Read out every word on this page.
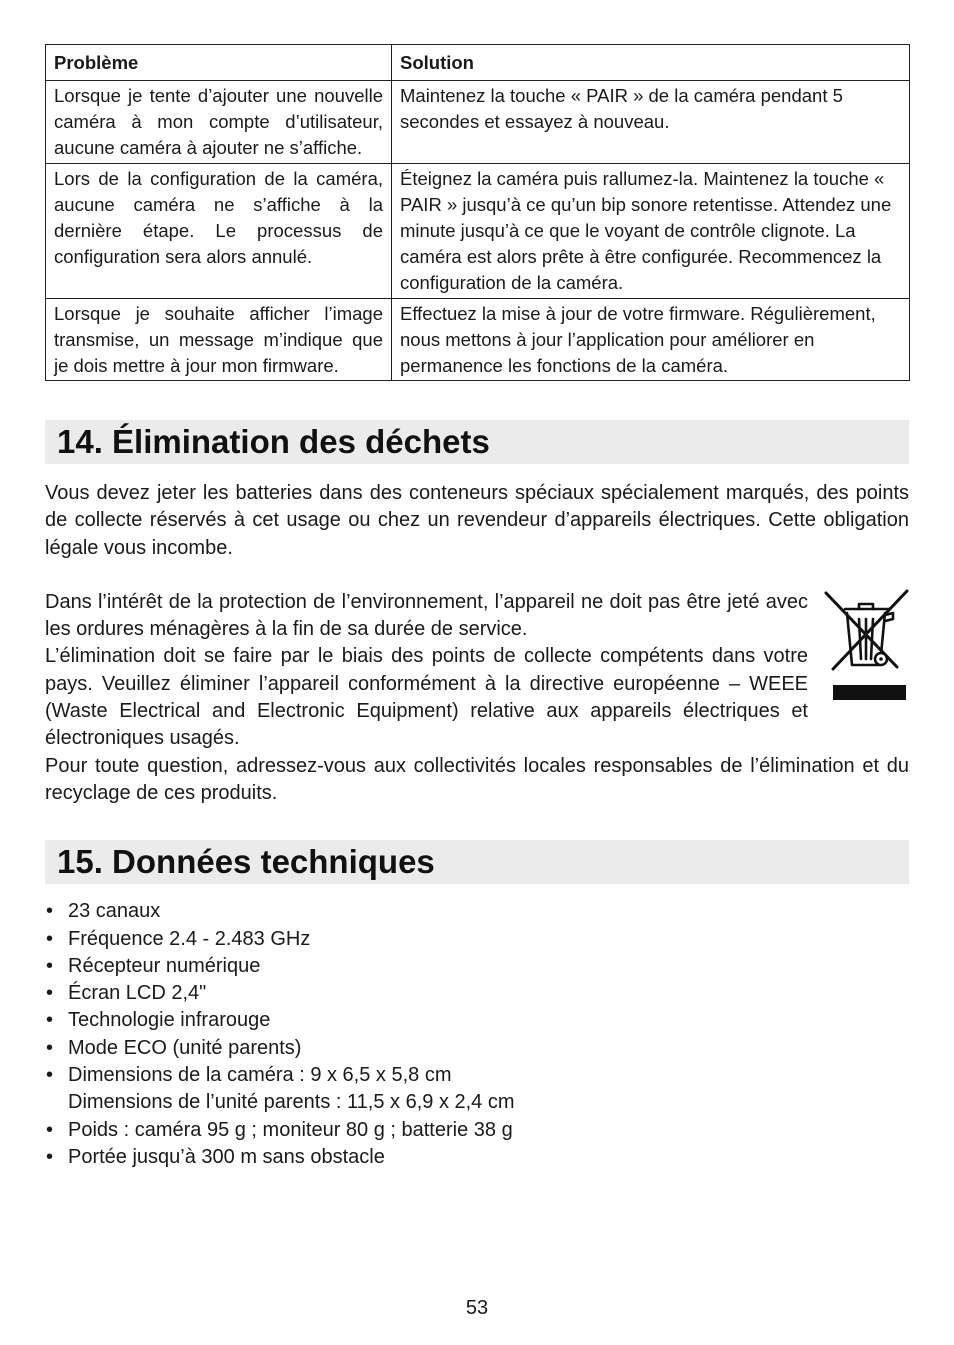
Problème	Solution
Lorsque je tente d’ajouter une nouvelle caméra à mon compte d’utilisateur, aucune caméra à ajouter ne s’affiche.	Maintenez la touche « PAIR » de la caméra pendant 5 secondes et essayez à nouveau.
Lors de la configuration de la caméra, aucune caméra ne s’affiche à la dernière étape. Le processus de configuration sera alors annulé.	Éteignez la caméra puis rallumez-la. Maintenez la touche « PAIR » jusqu’à ce qu’un bip sonore retentisse. Attendez une minute jusqu’à ce que le voyant de contrôle clignote. La caméra est alors prête à être configurée. Recommencez la configuration de la caméra.
Lorsque je souhaite afficher l’image transmise, un message m’indique que je dois mettre à jour mon firmware.	Effectuez la mise à jour de votre firmware. Régulièrement, nous mettons à jour l’application pour améliorer en permanence les fonctions de la caméra.
14. Élimination des déchets

Vous devez jeter les batteries dans des conteneurs spéciaux spécialement marqués, des points de collecte réservés à cet usage ou chez un revendeur d’appareils électriques. Cette obligation légale vous incombe.

Dans l’intérêt de la protection de l’environnement, l’appareil ne doit pas être jeté avec les ordures ménagères à la fin de sa durée de service.

L’élimination doit se faire par le biais des points de collecte compétents dans votre pays. Veuillez éliminer l’appareil conformément à la directive européenne – WEEE (Waste Electrical and Electronic Equipment) relative aux appareils électriques et électroniques usagés.

Pour toute question, adressez-vous aux collectivités locales responsables de l’élimination et du recyclage de ces produits.

15. Données techniques
• 23 canaux
• Fréquence 2.4 - 2.483 GHz
• Récepteur numérique
• Écran LCD 2,4"
• Technologie infrarouge
• Mode ECO (unité parents)
• Dimensions de la caméra : 9 x 6,5 x 5,8 cm
Dimensions de l’unité parents : 11,5 x 6,9 x 2,4 cm
• Poids : caméra 95 g ; moniteur 80 g ; batterie 38 g
• Portée jusqu’à 300 m sans obstacle
53
